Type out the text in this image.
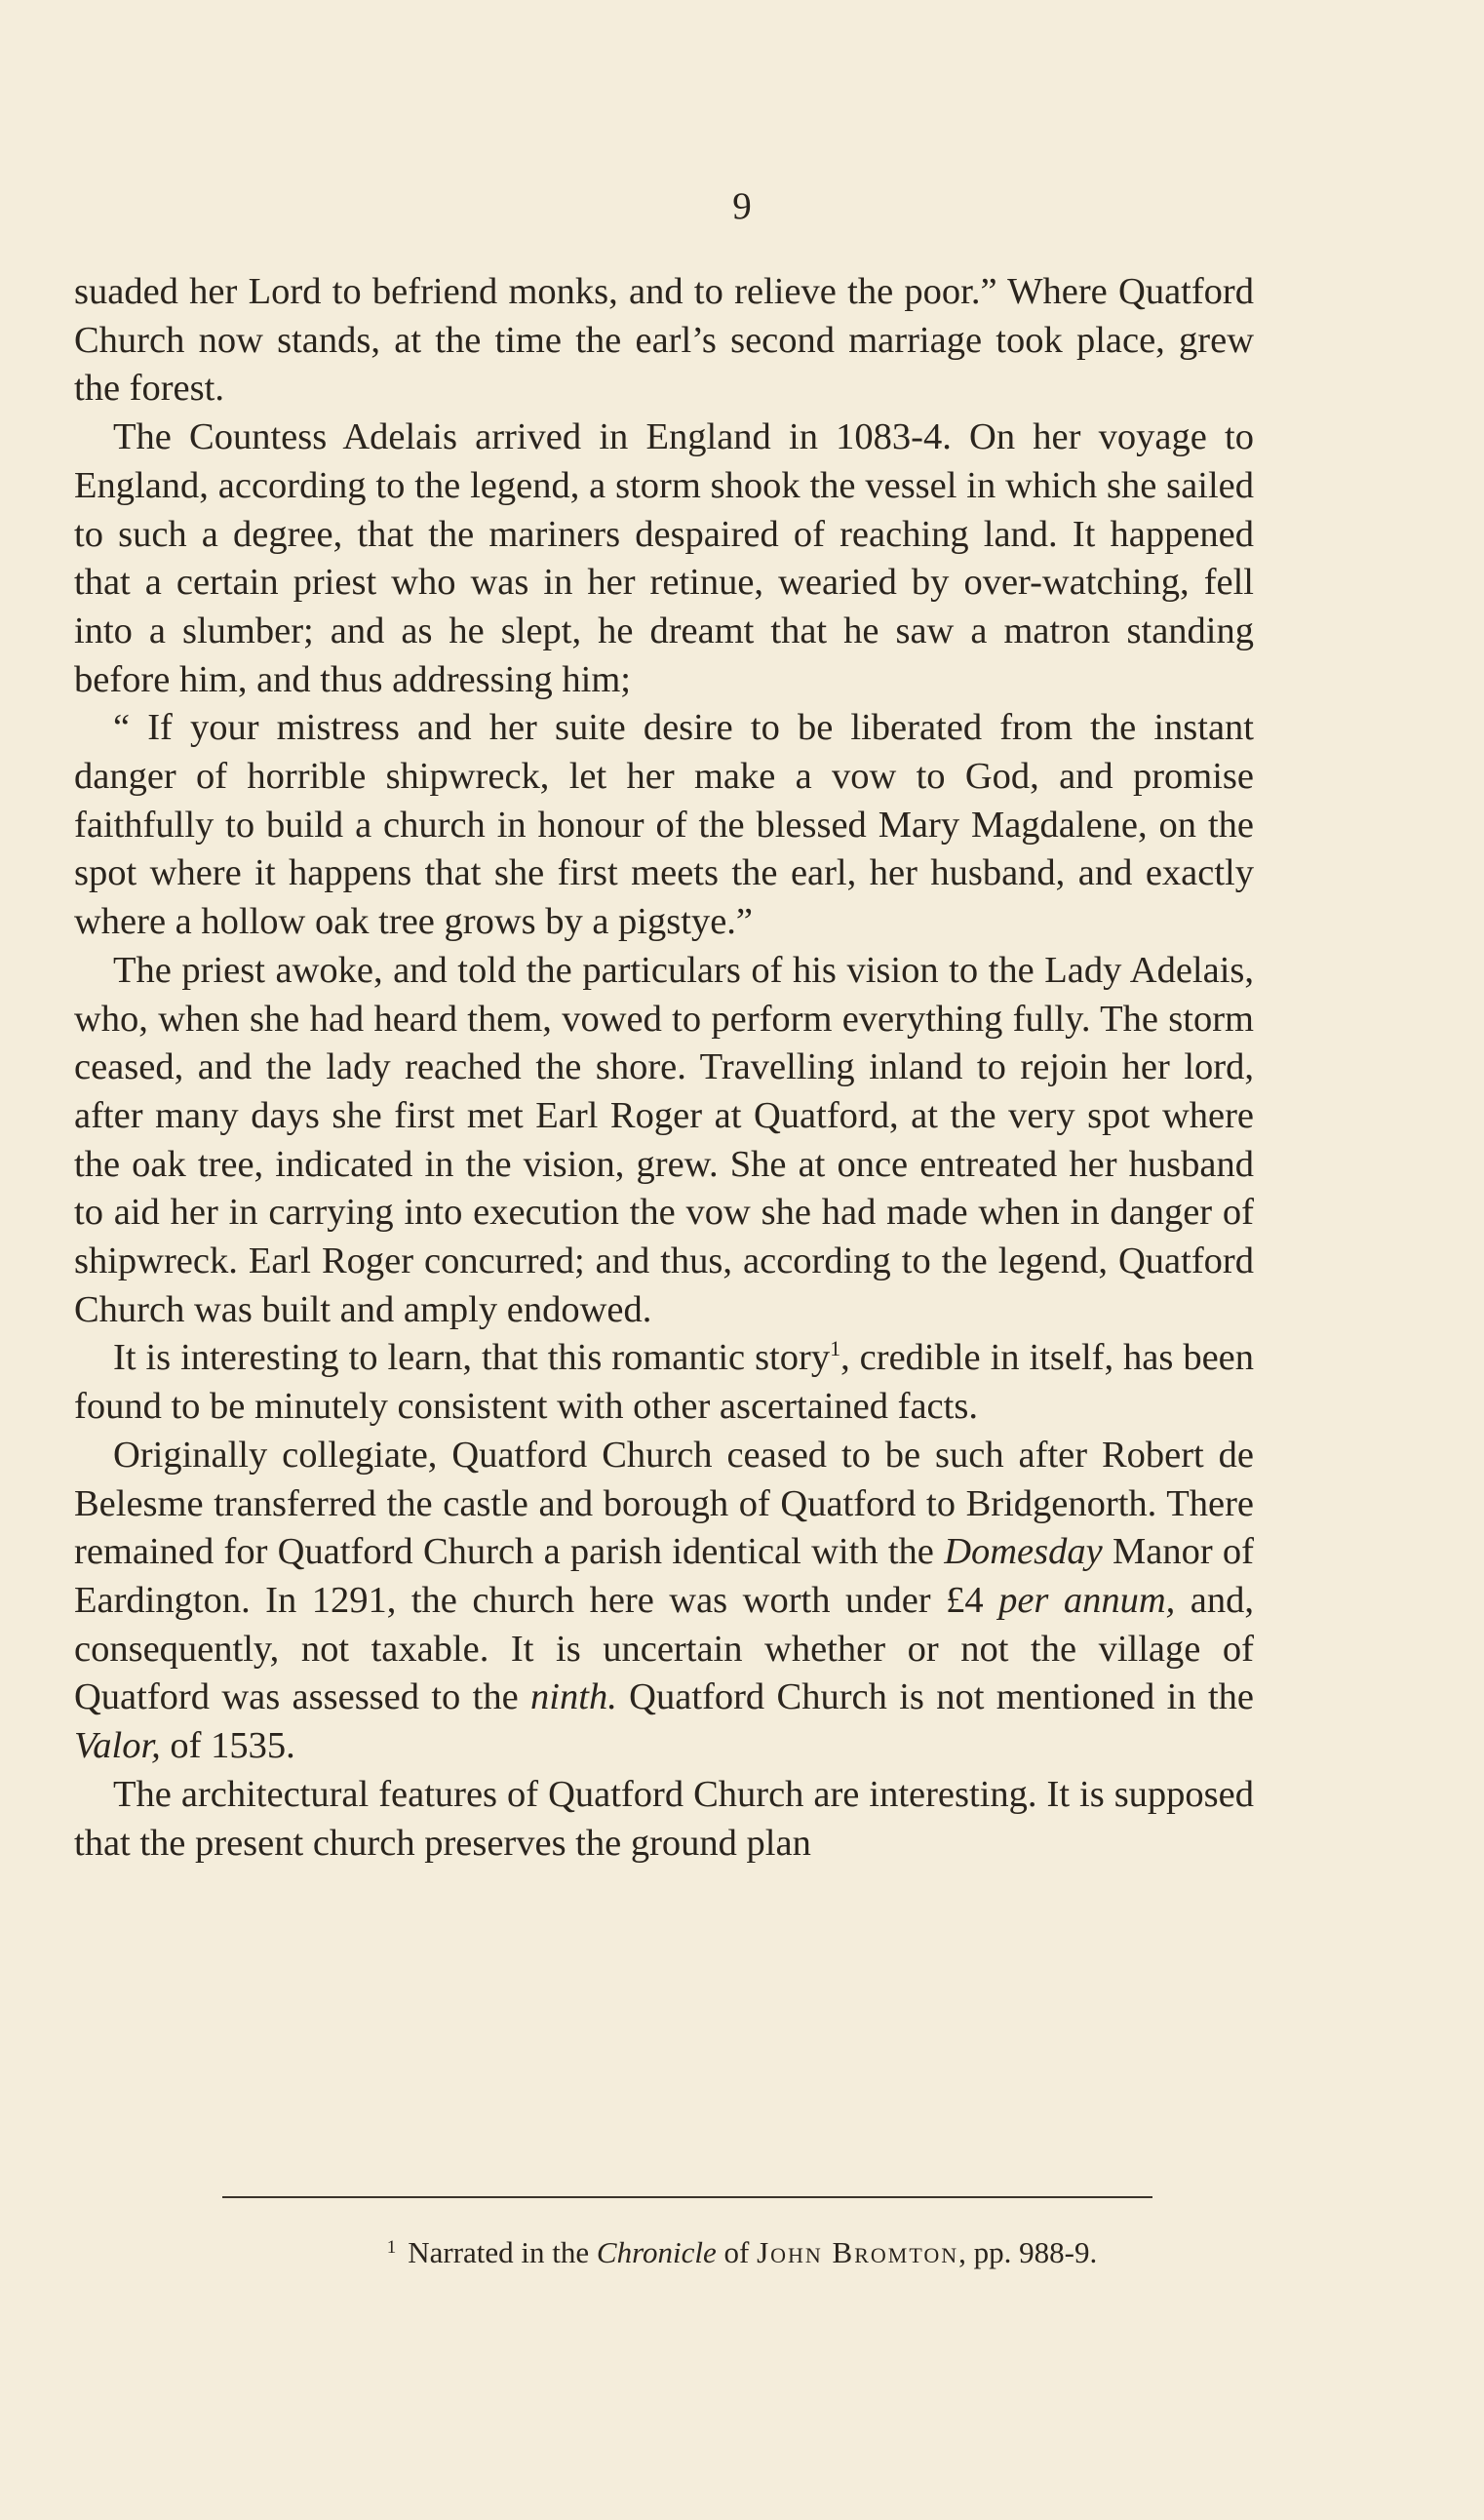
9

suaded her Lord to befriend monks, and to relieve the poor.” Where Quatford Church now stands, at the time the earl’s second marriage took place, grew the forest.

The Countess Adelais arrived in England in 1083-4. On her voyage to England, according to the legend, a storm shook the vessel in which she sailed to such a degree, that the mariners despaired of reaching land. It happened that a certain priest who was in her retinue, wearied by over-watching, fell into a slumber; and as he slept, he dreamt that he saw a matron standing before him, and thus addressing him;

“ If your mistress and her suite desire to be liberated from the instant danger of horrible shipwreck, let her make a vow to God, and promise faithfully to build a church in honour of the blessed Mary Magdalene, on the spot where it happens that she first meets the earl, her husband, and exactly where a hollow oak tree grows by a pigstye.”

The priest awoke, and told the particulars of his vision to the Lady Adelais, who, when she had heard them, vowed to perform everything fully. The storm ceased, and the lady reached the shore. Travelling inland to rejoin her lord, after many days she first met Earl Roger at Quatford, at the very spot where the oak tree, indicated in the vision, grew. She at once entreated her husband to aid her in carrying into execution the vow she had made when in danger of shipwreck. Earl Roger concurred; and thus, according to the legend, Quatford Church was built and amply endowed.

It is interesting to learn, that this romantic story$^1$, credible in itself, has been found to be minutely consistent with other ascertained facts.

Originally collegiate, Quatford Church ceased to be such after Robert de Belesme transferred the castle and borough of Quatford to Bridgenorth. There remained for Quatford Church a parish identical with the Domesday Manor of Eardington. In 1291, the church here was worth under £4 per annum, and, consequently, not taxable. It is uncertain whether or not the village of Quatford was assessed to the ninth. Quatford Church is not mentioned in the Valor, of 1535.

The architectural features of Quatford Church are interesting. It is supposed that the present church preserves the ground plan

$^1$ Narrated in the Chronicle of John Bromton, pp. 988-9.
